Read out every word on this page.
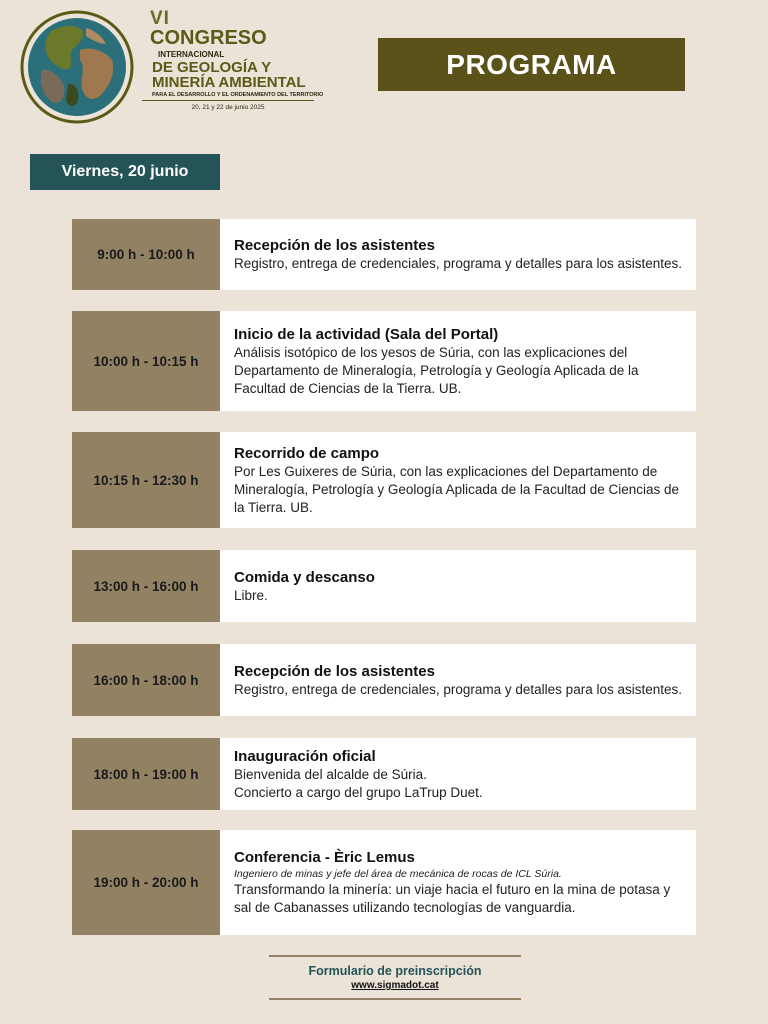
VI
CONGRESO
INTERNACIONAL
DE GEOLOGÍA Y
MINERÍA AMBIENTAL
PARA EL DESARROLLO Y EL ORDENAMIENTO DEL TERRITORIO
20, 21 y 22 de junio 2025
PROGRAMA
Viernes, 20 junio
9:00 h - 10:00 h
Recepción de los asistentes
Registro, entrega de credenciales, programa y detalles para los asistentes.
10:00 h - 10:15 h
Inicio de la actividad (Sala del Portal)
Análisis isotópico de los yesos de Súria, con las explicaciones del Departamento de Mineralogía, Petrología y Geología Aplicada de la Facultad de Ciencias de la Tierra. UB.
10:15 h - 12:30 h
Recorrido de campo
Por Les Guixeres de Súria, con las explicaciones del Departamento de Mineralogía, Petrología y Geología Aplicada de la Facultad de Ciencias de la Tierra. UB.
13:00 h - 16:00 h
Comida y descanso
Libre.
16:00 h - 18:00 h
Recepción de los asistentes
Registro, entrega de credenciales, programa y detalles para los asistentes.
18:00 h - 19:00 h
Inauguración oficial
Bienvenida del alcalde de Súria.
Concierto a cargo del grupo LaTrup Duet.
19:00 h - 20:00 h
Conferencia - Èric Lemus
Ingeniero de minas y jefe del área de mecánica de rocas de ICL Súria.
Transformando la minería: un viaje hacia el futuro en la mina de potasa y sal de Cabanasses utilizando tecnologías de vanguardia.
Formulario de preinscripción
www.sigmadot.cat
